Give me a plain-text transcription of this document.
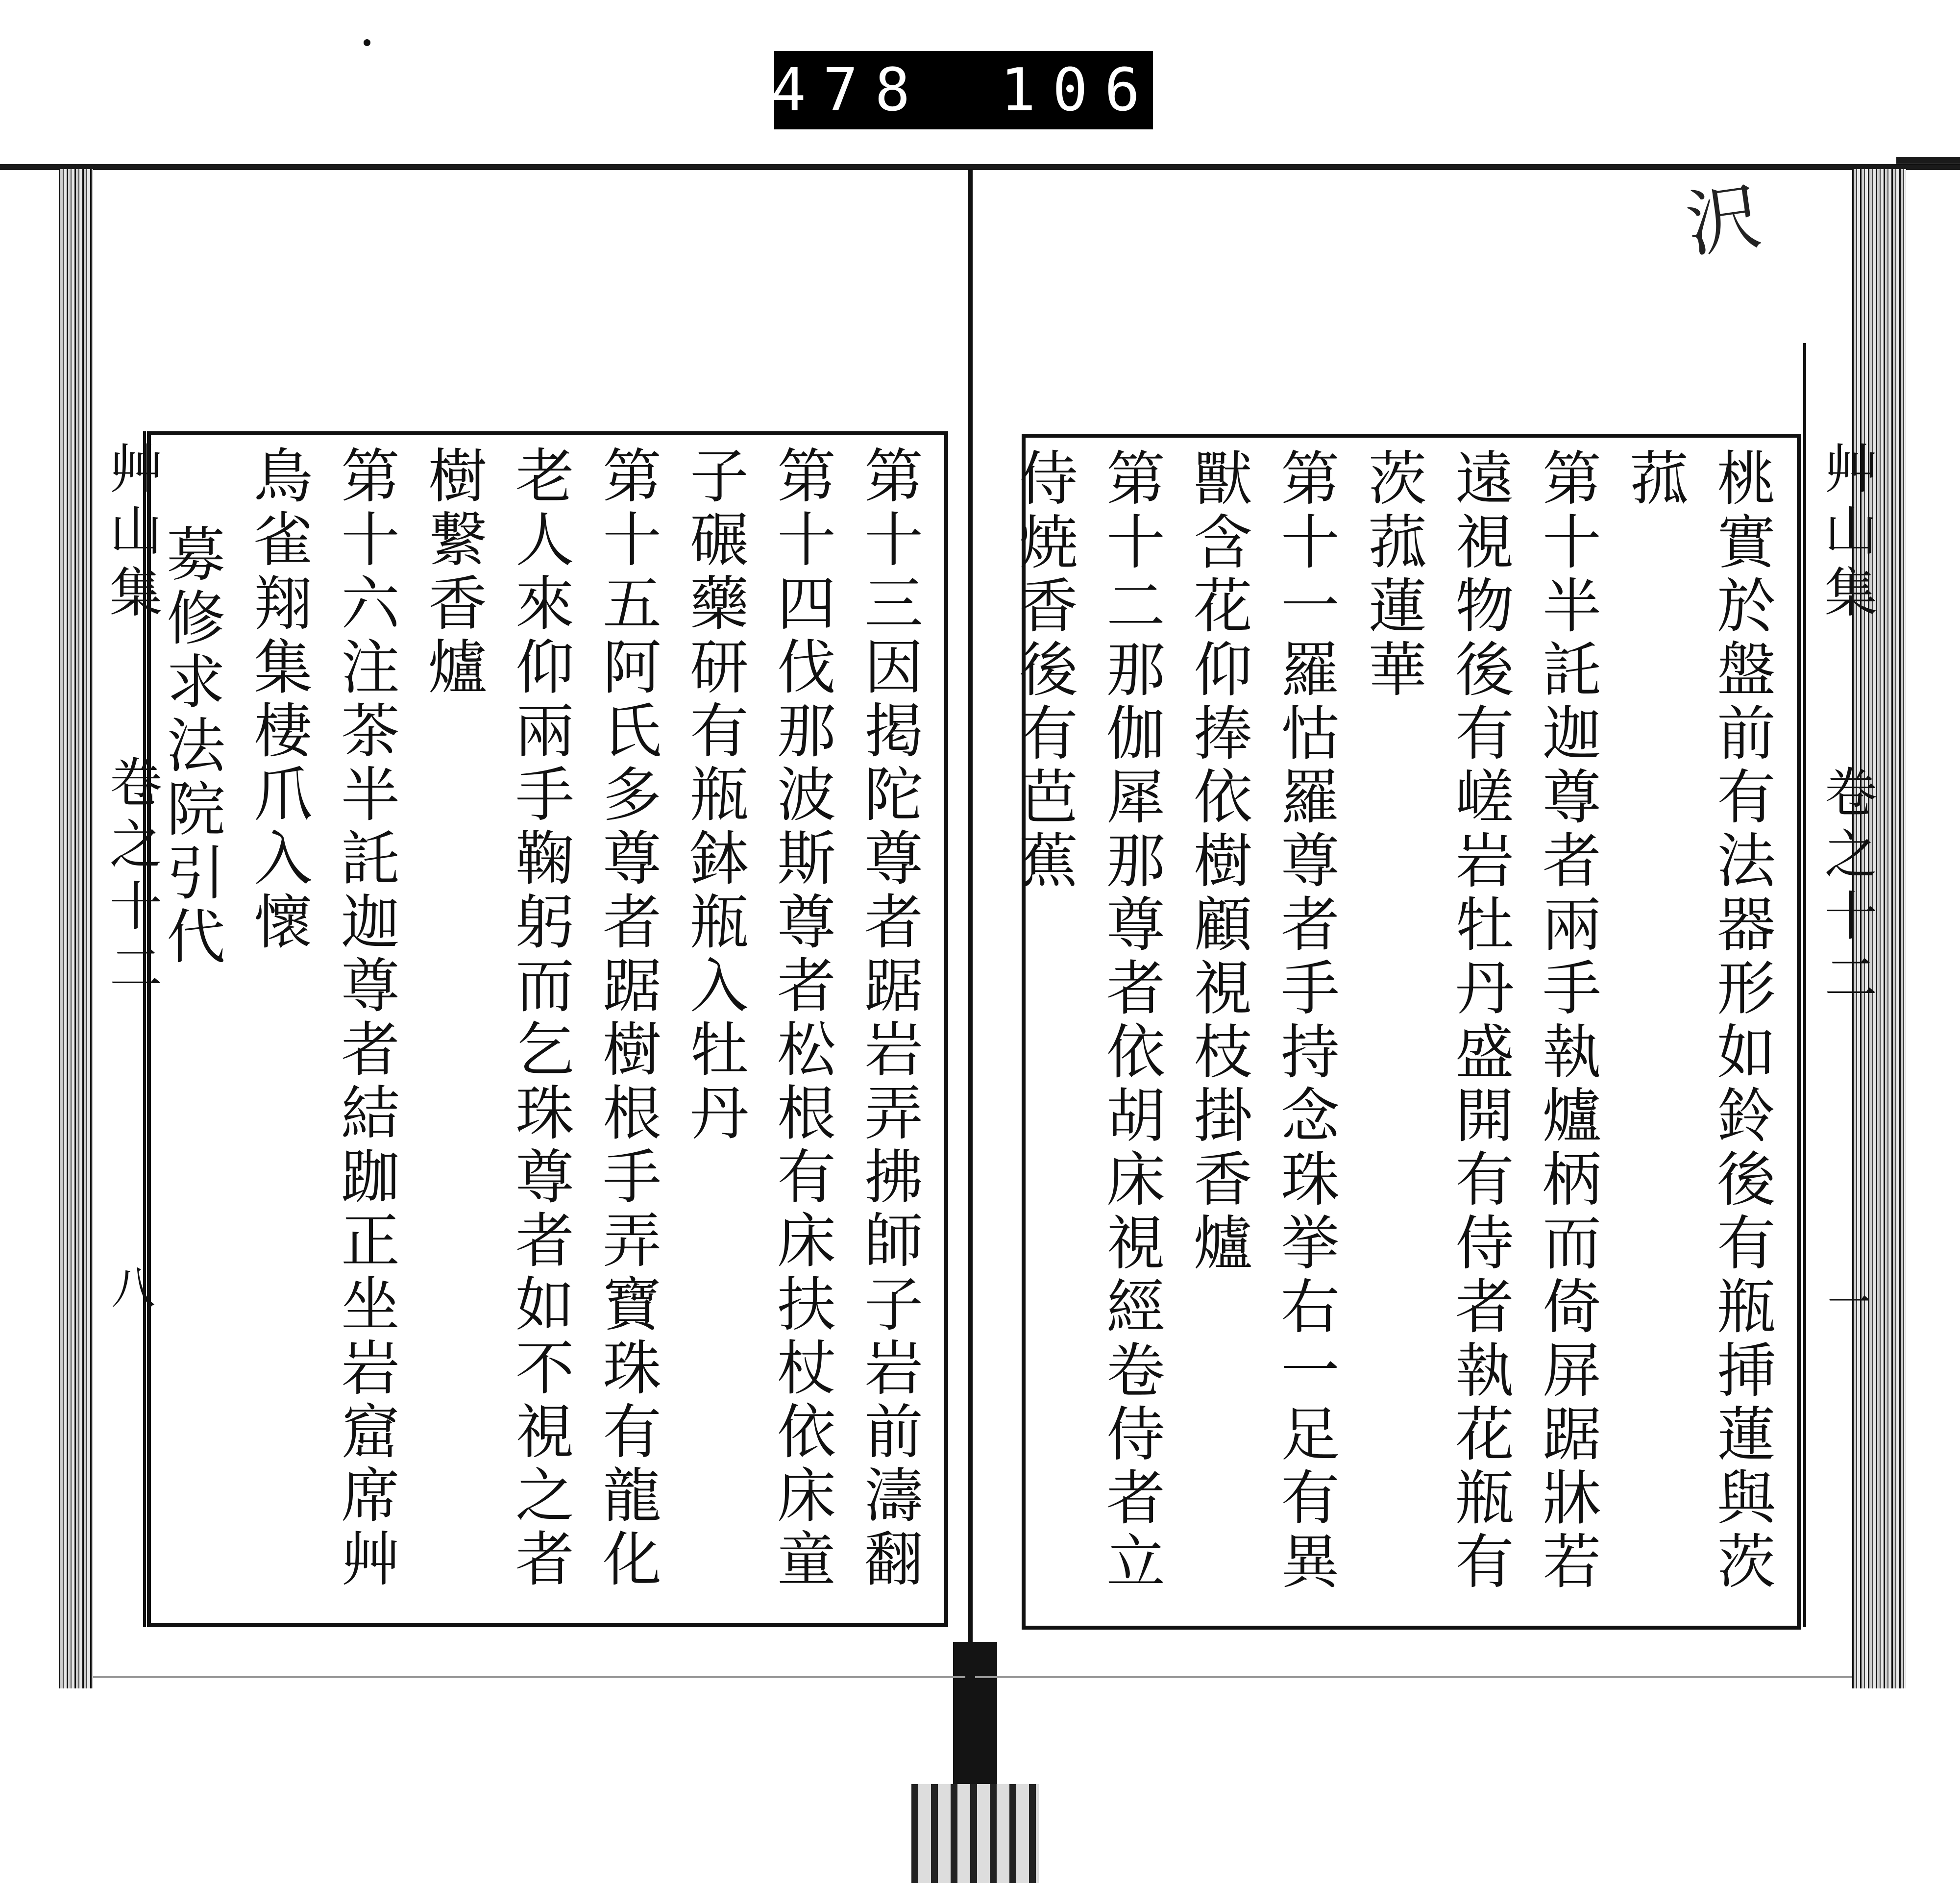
478 106
沢
第十三因掲陀尊者踞岩弄拂師子岩前濤翻
第十四伐那波斯尊者松根有床扶杖依床童
子碾藥研有瓶鉢瓶入牡丹
第十五阿氏多尊者踞樹根手弄寶珠有龍化
老人來仰兩手鞠躬而乞珠尊者如不視之者
樹繋香爐
第十六注茶半託迦尊者結跏正坐岩窟席艸
鳥雀翔集棲爪入懷
募修求法院引代
艸山集
卷之十二
八	桃實於盤前有法器形如鈴後有瓶挿蓮與茨
菰
第十半託迦尊者兩手執爐柄而倚屏踞牀若
遠視物後有嵯岩牡丹盛開有侍者執花瓶有
茨菰蓮華
第十一羅怙羅尊者手持念珠挙右一足有異
獸含花仰捧依樹顧視枝掛香爐
第十二那伽犀那尊者依胡床視經卷侍者立
侍焼香後有芭蕉	艸山集
卷之十二
一
